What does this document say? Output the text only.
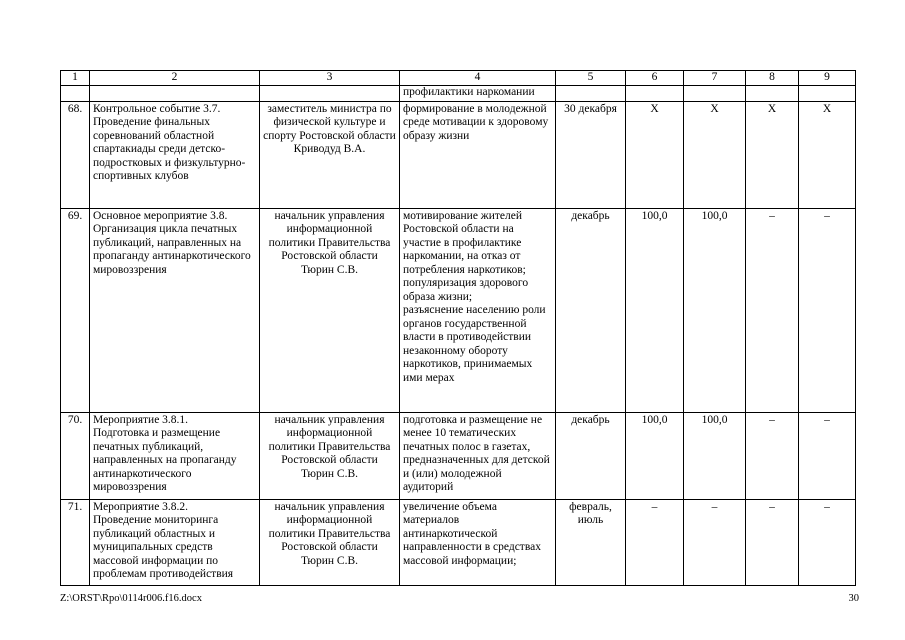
1	2	3	4	5	6	7	8	9
			профилактики наркомании					
68.	Контрольное событие 3.7.
Проведение финальных соревнований областной спартакиады среди детско-подростковых и физкультурно-спортивных клубов	заместитель министра по физической культуре и спорту Ростовской области
Криводуд В.А.	формирование в молодежной среде мотивации к здоровому образу жизни	30 декабря	X	X	X	X
69.	Основное мероприятие 3.8.
Организация цикла печатных публикаций, направленных на пропаганду антинаркотического мировоззрения	начальник управления информационной политики Правительства Ростовской области
Тюрин С.В.	мотивирование жителей Ростовской области на участие в профилактике наркомании, на отказ от потребления наркотиков;
популяризация здорового образа жизни;
разъяснение населению роли органов государственной власти в противодействии незаконному обороту наркотиков, принимаемых ими мерах	декабрь	100,0	100,0	–	–
70.	Мероприятие 3.8.1.
Подготовка и размещение печатных публикаций, направленных на пропаганду антинаркотического мировоззрения	начальник управления информационной политики Правительства Ростовской области
Тюрин С.В.	подготовка и размещение не менее 10 тематических печатных полос в газетах, предназначенных для детской и (или) молодежной аудиторий	декабрь	100,0	100,0	–	–
71.	Мероприятие 3.8.2.
Проведение мониторинга публикаций областных и муниципальных средств массовой информации по проблемам противодействия	начальник управления информационной политики Правительства Ростовской области
Тюрин С.В.	увеличение объема материалов антинаркотической направленности в средствах массовой информации;	февраль,
июль	–	–	–	–
Z:\ORST\Rpo\0114r006.f16.docx	30
